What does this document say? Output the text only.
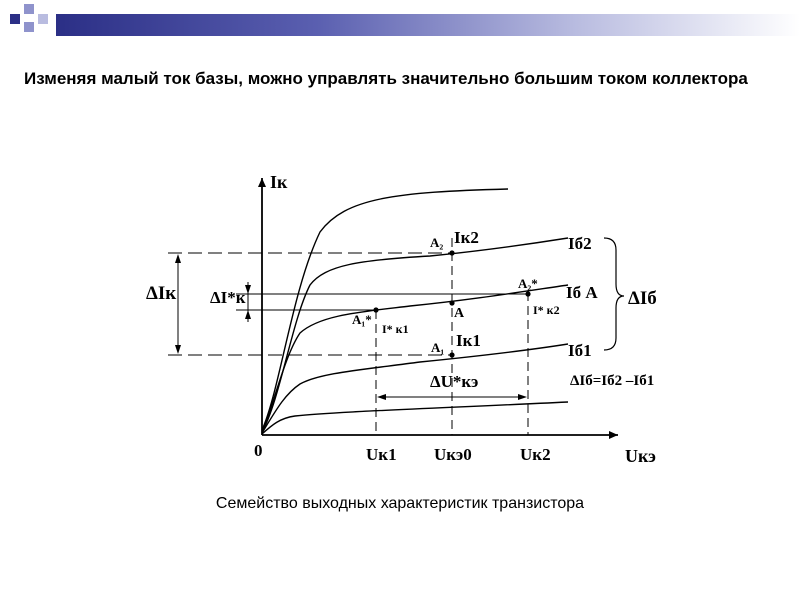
Изменяя малый ток базы, можно управлять значительно большим током коллектора
Iк
Uкэ
0
Iб2
Iб А
Iб1
A₂
A
A₁
A₁*
A₂*
Iк2
Iк1
I* к1
I* к2
Uк1 Uкэ0	Uк2
ΔIк ΔI*к	ΔIб
ΔU*кэ	ΔIб=Iб2 –Iб1
Семейство выходных характеристик транзистора
